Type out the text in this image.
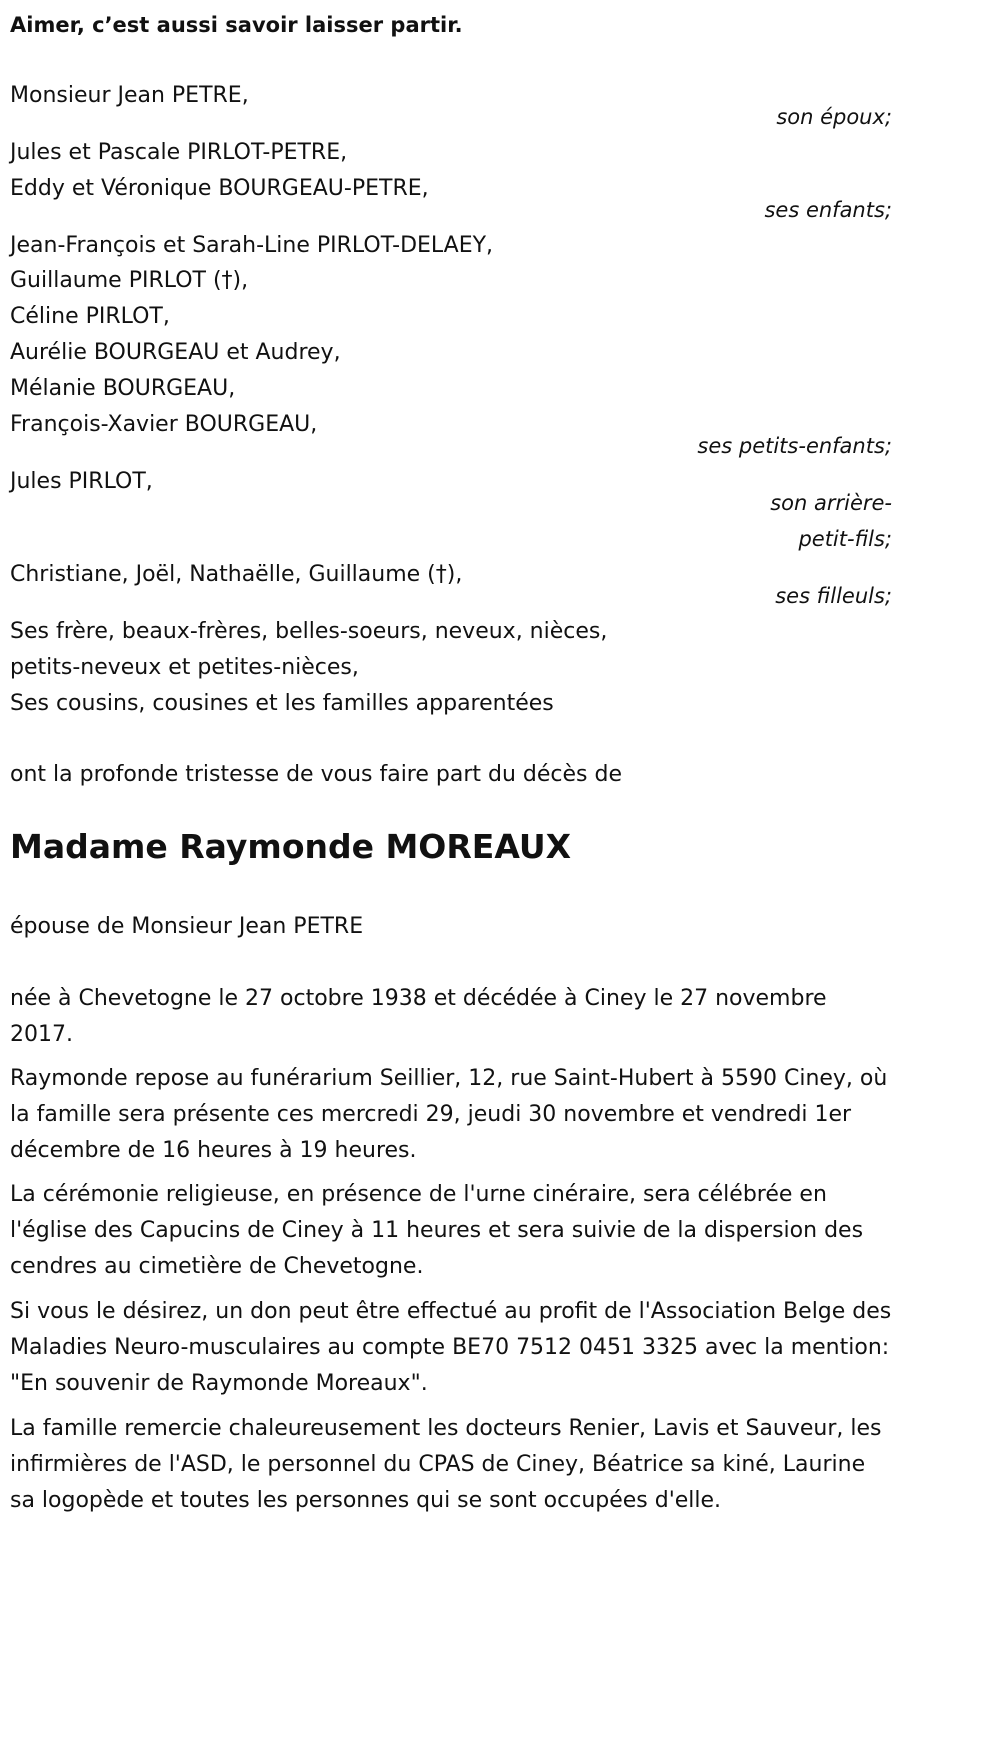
Aimer, c’est aussi savoir laisser partir.
Monsieur Jean PETRE,
son époux;
Jules et Pascale PIRLOT-PETRE,
Eddy et Véronique BOURGEAU-PETRE,
ses enfants;
Jean-François et Sarah-Line PIRLOT-DELAEY,
Guillaume PIRLOT (†),
Céline PIRLOT,
Aurélie BOURGEAU et Audrey,
Mélanie BOURGEAU,
François-Xavier BOURGEAU,
ses petits-enfants;
Jules PIRLOT,
son arrière-
petit-fils;
Christiane, Joël, Nathaëlle, Guillaume (†),
ses filleuls;
Ses frère, beaux-frères, belles-soeurs, neveux, nièces,
petits-neveux et petites-nièces,
Ses cousins, cousines et les familles apparentées
ont la profonde tristesse de vous faire part du décès de
Madame Raymonde MOREAUX
épouse de Monsieur Jean PETRE
née à Chevetogne le 27 octobre 1938 et décédée à Ciney le 27 novembre 2017.
Raymonde repose au funérarium Seillier, 12, rue Saint-Hubert à 5590 Ciney, où la famille sera présente ces mercredi 29, jeudi 30 novembre et vendredi 1er décembre de 16 heures à 19 heures.
La cérémonie religieuse, en présence de l'urne cinéraire, sera célébrée en l'église des Capucins de Ciney à 11 heures et sera suivie de la dispersion des cendres au cimetière de Chevetogne.
Si vous le désirez, un don peut être effectué au profit de l'Association Belge des Maladies Neuro-musculaires au compte BE70 7512 0451 3325 avec la mention: "En souvenir de Raymonde Moreaux".
La famille remercie chaleureusement les docteurs Renier, Lavis et Sauveur, les infirmières de l'ASD, le personnel du CPAS de Ciney, Béatrice sa kiné, Laurine sa logopède et toutes les personnes qui se sont occupées d'elle.
